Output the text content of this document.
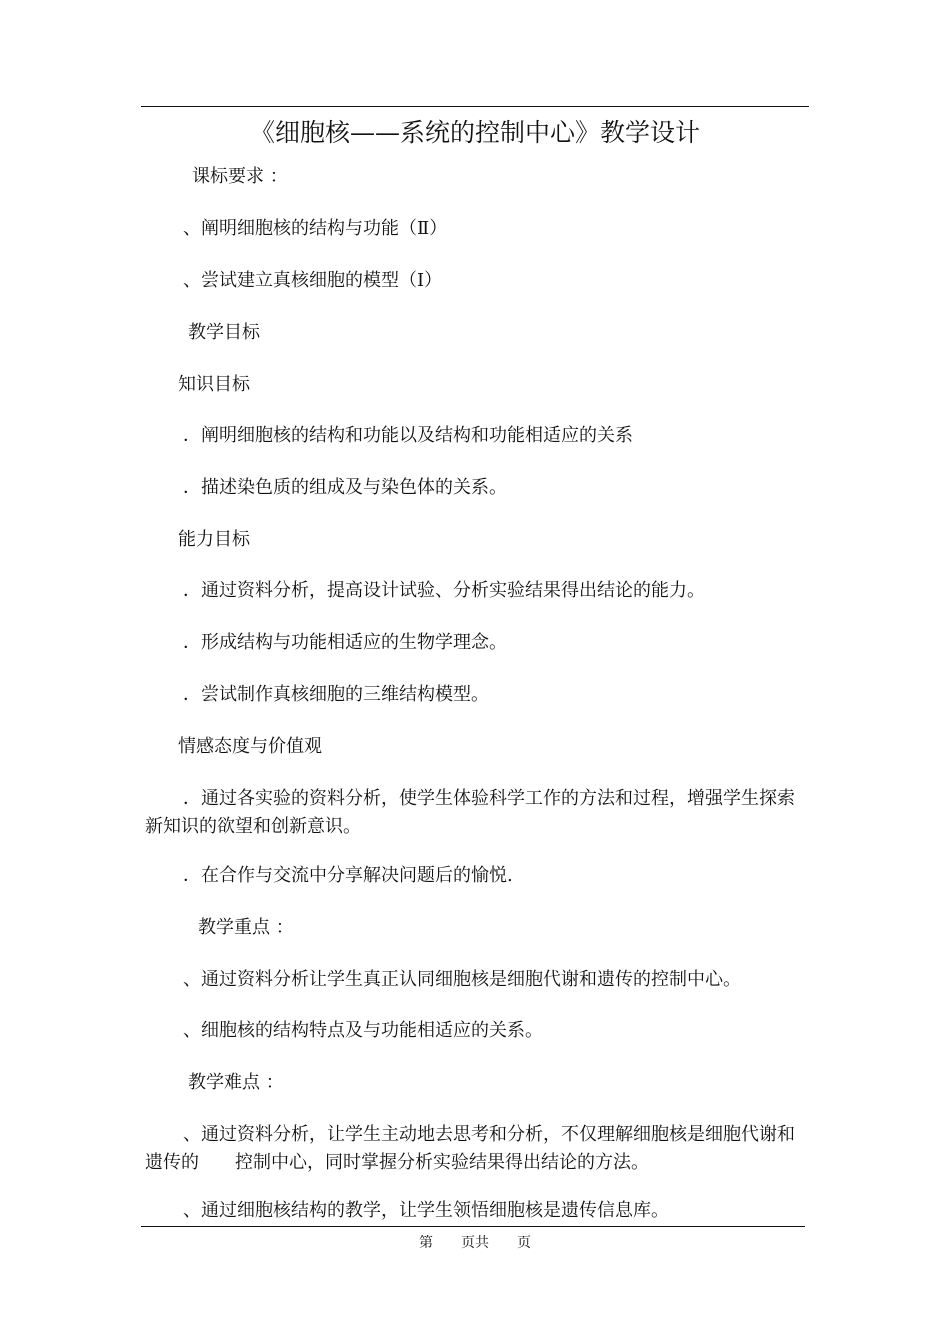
《细胞核——系统的控制中心》教学设计
课标要求 ：
、阐明细胞核的结构与功能（Ⅱ）
、尝试建立真核细胞的模型（Ⅰ）
教学目标
知识目标
．阐明细胞核的结构和功能以及结构和功能相适应的关系
．描述染色质的组成及与染色体的关系。
能力目标
．通过资料分析，提高设计试验、分析实验结果得出结论的能力。
．形成结构与功能相适应的生物学理念。
．尝试制作真核细胞的三维结构模型。
情感态度与价值观
．通过各实验的资料分析，使学生体验科学工作的方法和过程，增强学生探索新知识的欲望和创新意识。
．在合作与交流中分享解决问题后的愉悦.
教学重点 ：
、通过资料分析让学生真正认同细胞核是细胞代谢和遗传的控制中心。
、细胞核的结构特点及与功能相适应的关系。
教学难点 ：
、通过资料分析，让学生主动地去思考和分析，不仅理解细胞核是细胞代谢和遗传的　　控制中心，同时掌握分析实验结果得出结论的方法。
、通过细胞核结构的教学，让学生领悟细胞核是遗传信息库。
第　　页共　　页
